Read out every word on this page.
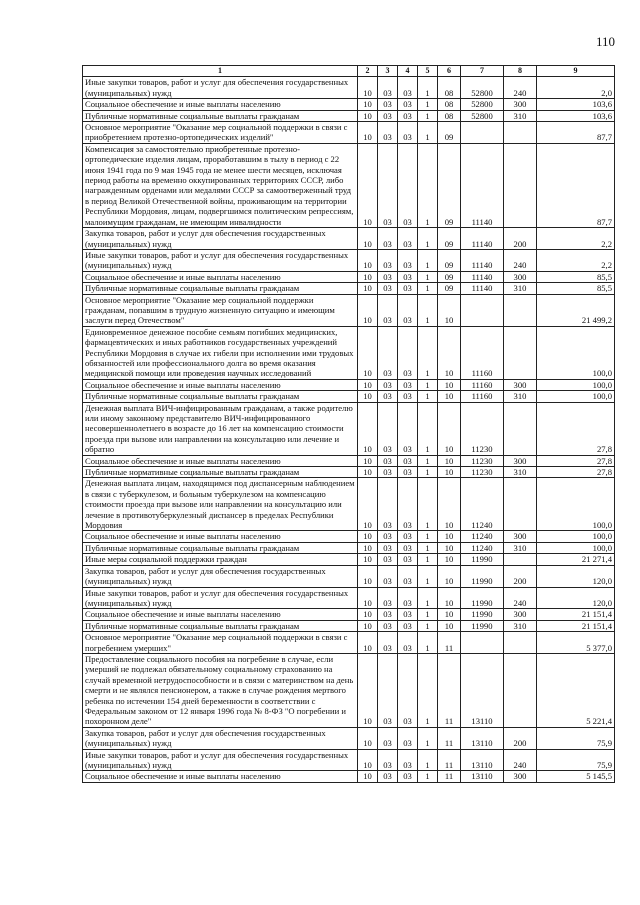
110
1	2	3	4	5	6	7	8	9
Иные закупки товаров, работ и услуг для обеспечения государственных (муниципальных) нужд	10	03	03	1	08	52800	240	2,0
Социальное обеспечение и иные выплаты населению	10	03	03	1	08	52800	300	103,6
Публичные нормативные социальные выплаты гражданам	10	03	03	1	08	52800	310	103,6
Основное мероприятие "Оказание мер социальной поддержки в связи с приобретением протезно-ортопедических изделий"	10	03	03	1	09			87,7
Компенсация за самостоятельно приобретенные протезно-ортопедические изделия лицам, проработавшим в тылу в период с 22 июня 1941 года по 9 мая 1945 года не менее шести месяцев, исключая период работы на временно оккупированных территориях СССР, либо награжденным орденами или медалями СССР за самоотверженный труд в период Великой Отечественной войны, проживающим на территории Республики Мордовия, лицам, подвергшимся политическим репрессиям, малоимущим гражданам, не имеющим инвалидности	10	03	03	1	09	11140		87,7
Закупка товаров, работ и услуг для обеспечения государственных (муниципальных) нужд	10	03	03	1	09	11140	200	2,2
Иные закупки товаров, работ и услуг для обеспечения государственных (муниципальных) нужд	10	03	03	1	09	11140	240	2,2
Социальное обеспечение и иные выплаты населению	10	03	03	1	09	11140	300	85,5
Публичные нормативные социальные выплаты гражданам	10	03	03	1	09	11140	310	85,5
Основное мероприятие "Оказание мер социальной поддержки гражданам, попавшим в трудную жизненную ситуацию и имеющим заслуги перед Отечеством"	10	03	03	1	10			21 499,2
Единовременное денежное пособие семьям погибших медицинских, фармацевтических и иных работников государственных учреждений Республики Мордовия в случае их гибели при исполнении ими трудовых обязанностей или профессионального долга во время оказания медицинской помощи или проведения научных исследований	10	03	03	1	10	11160		100,0
Социальное обеспечение и иные выплаты населению	10	03	03	1	10	11160	300	100,0
Публичные нормативные социальные выплаты гражданам	10	03	03	1	10	11160	310	100,0
Денежная выплата ВИЧ-инфицированным гражданам, а также родителю или иному законному представителю ВИЧ-инфицированного несовершеннолетнего в возрасте до 16 лет на компенсацию стоимости проезда при вызове или направлении на консультацию или лечение и обратно	10	03	03	1	10	11230		27,8
Социальное обеспечение и иные выплаты населению	10	03	03	1	10	11230	300	27,8
Публичные нормативные социальные выплаты гражданам	10	03	03	1	10	11230	310	27,8
Денежная выплата лицам, находящимся под диспансерным наблюдением в связи с туберкулезом, и больным туберкулезом на компенсацию стоимости проезда при вызове или направлении на консультацию или лечение в противотуберкулезный диспансер в пределах Республики Мордовия	10	03	03	1	10	11240		100,0
Социальное обеспечение и иные выплаты населению	10	03	03	1	10	11240	300	100,0
Публичные нормативные социальные выплаты гражданам	10	03	03	1	10	11240	310	100,0
Иные меры социальной поддержки граждан	10	03	03	1	10	11990		21 271,4
Закупка товаров, работ и услуг для обеспечения государственных (муниципальных) нужд	10	03	03	1	10	11990	200	120,0
Иные закупки товаров, работ и услуг для обеспечения государственных (муниципальных) нужд	10	03	03	1	10	11990	240	120,0
Социальное обеспечение и иные выплаты населению	10	03	03	1	10	11990	300	21 151,4
Публичные нормативные социальные выплаты гражданам	10	03	03	1	10	11990	310	21 151,4
Основное мероприятие "Оказание мер социальной поддержки в связи с погребением умерших"	10	03	03	1	11			5 377,0
Предоставление социального пособия на погребение в случае, если умерший не подлежал обязательному социальному страхованию на случай временной нетрудоспособности и в связи с материнством на день смерти и не являлся пенсионером, а также в случае рождения мертвого ребенка по истечении 154 дней беременности в соответствии с Федеральным законом от 12 января 1996 года № 8-ФЗ "О погребении и похоронном деле"	10	03	03	1	11	13110		5 221,4
Закупка товаров, работ и услуг для обеспечения государственных (муниципальных) нужд	10	03	03	1	11	13110	200	75,9
Иные закупки товаров, работ и услуг для обеспечения государственных (муниципальных) нужд	10	03	03	1	11	13110	240	75,9
Социальное обеспечение и иные выплаты населению	10	03	03	1	11	13110	300	5 145,5
